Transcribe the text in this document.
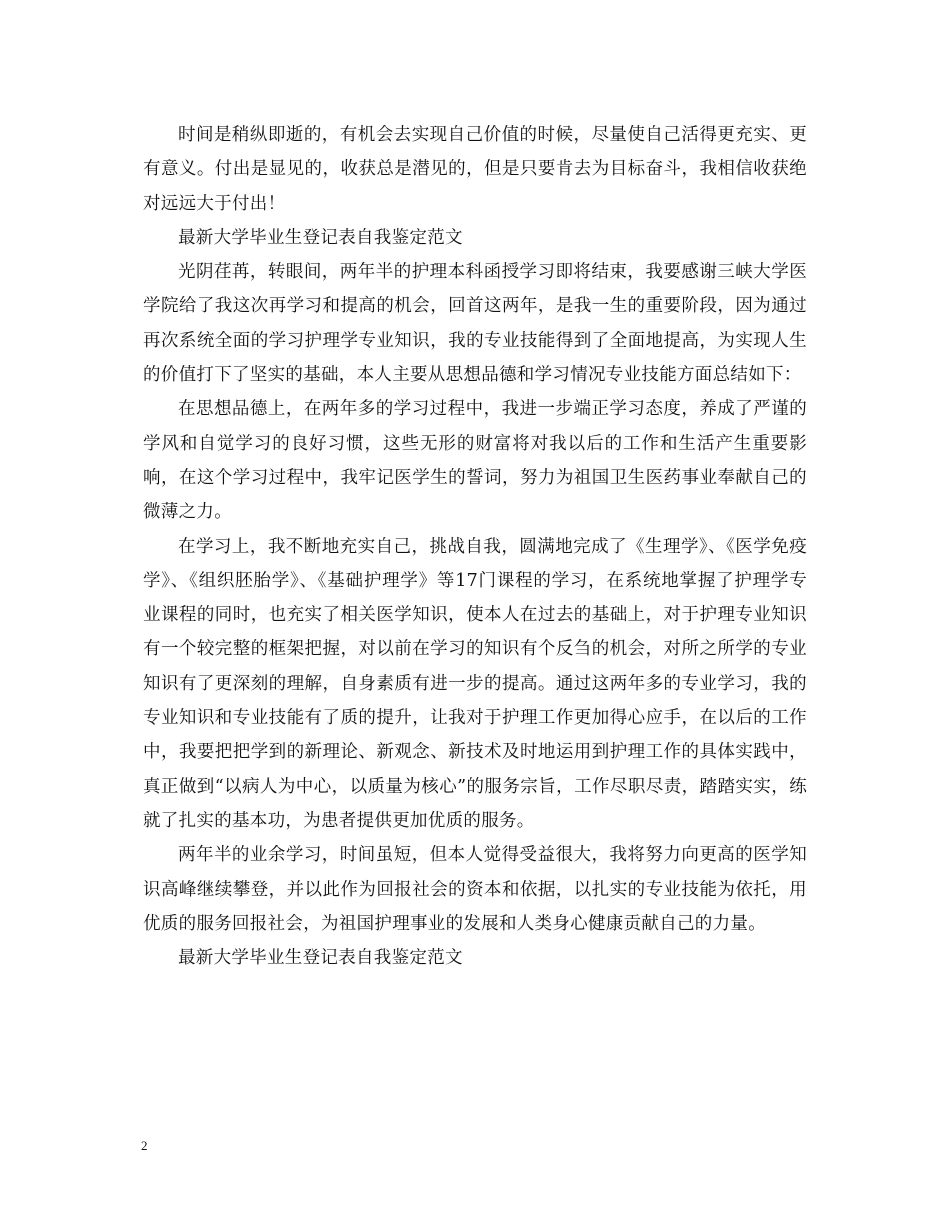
时间是稍纵即逝的，有机会去实现自己价值的时候，尽量使自己活得更充实、更有意义。付出是显见的，收获总是潜见的，但是只要肯去为目标奋斗，我相信收获绝对远远大于付出！

最新大学毕业生登记表自我鉴定范文

光阴荏苒，转眼间，两年半的护理本科函授学习即将结束，我要感谢三峡大学医学院给了我这次再学习和提高的机会，回首这两年，是我一生的重要阶段，因为通过再次系统全面的学习护理学专业知识，我的专业技能得到了全面地提高，为实现人生的价值打下了坚实的基础，本人主要从思想品德和学习情况专业技能方面总结如下：

在思想品德上，在两年多的学习过程中，我进一步端正学习态度，养成了严谨的学风和自觉学习的良好习惯，这些无形的财富将对我以后的工作和生活产生重要影响，在这个学习过程中，我牢记医学生的誓词，努力为祖国卫生医药事业奉献自己的微薄之力。

在学习上，我不断地充实自己，挑战自我，圆满地完成了《生理学》、《医学免疫学》、《组织胚胎学》、《基础护理学》等17门课程的学习，在系统地掌握了护理学专业课程的同时，也充实了相关医学知识，使本人在过去的基础上，对于护理专业知识有一个较完整的框架把握，对以前在学习的知识有个反刍的机会，对所之所学的专业知识有了更深刻的理解，自身素质有进一步的提高。通过这两年多的专业学习，我的专业知识和专业技能有了质的提升，让我对于护理工作更加得心应手，在以后的工作中，我要把把学到的新理论、新观念、新技术及时地运用到护理工作的具体实践中，真正做到“以病人为中心，以质量为核心”的服务宗旨，工作尽职尽责，踏踏实实，练就了扎实的基本功，为患者提供更加优质的服务。

两年半的业余学习，时间虽短，但本人觉得受益很大，我将努力向更高的医学知识高峰继续攀登，并以此作为回报社会的资本和依据，以扎实的专业技能为依托，用优质的服务回报社会，为祖国护理事业的发展和人类身心健康贡献自己的力量。

最新大学毕业生登记表自我鉴定范文

2
